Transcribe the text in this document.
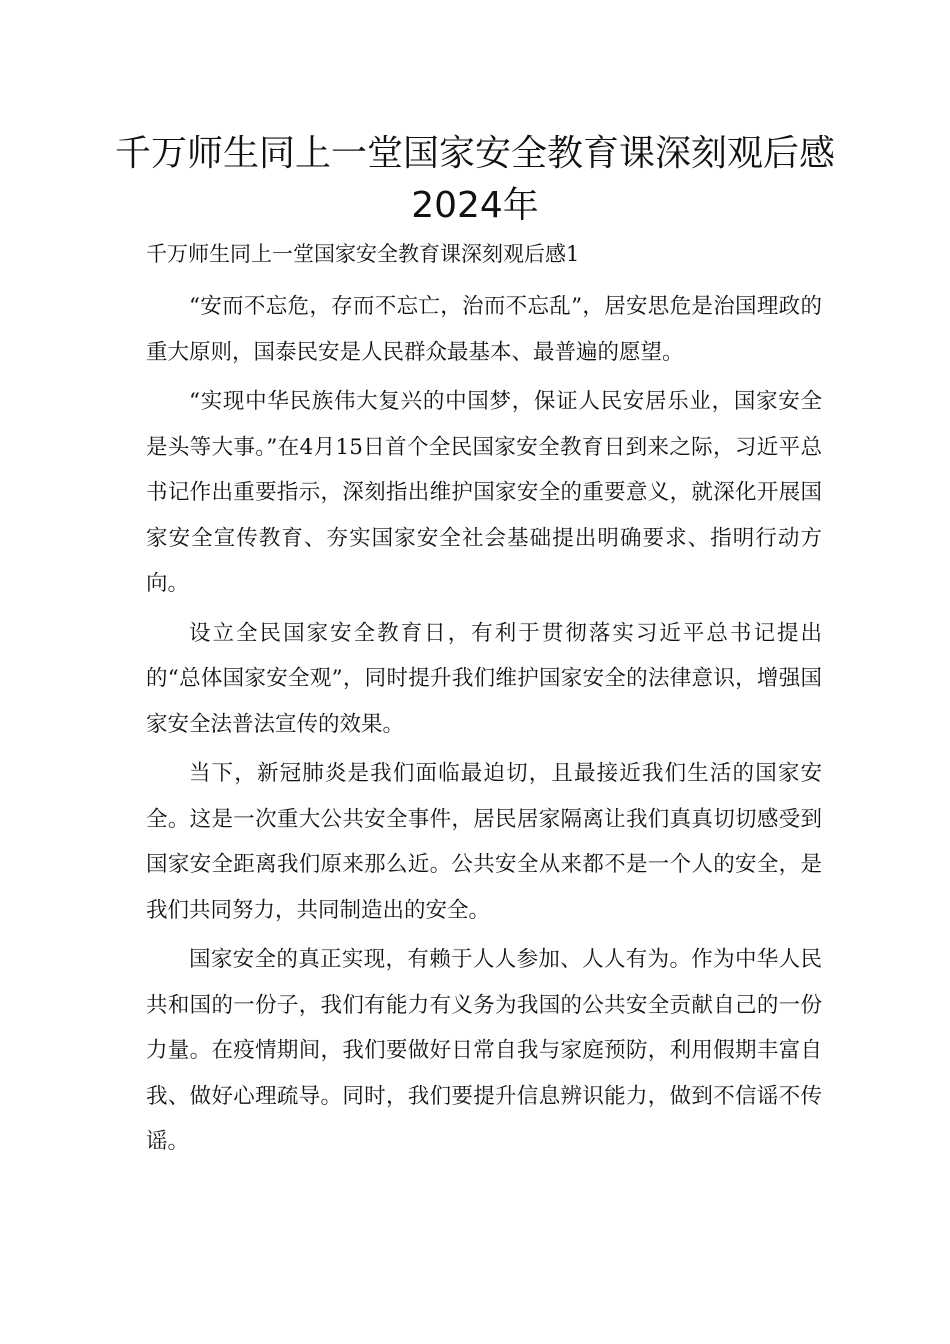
千万师生同上一堂国家安全教育课深刻观后感2024年
千万师生同上一堂国家安全教育课深刻观后感1

“安而不忘危，存而不忘亡，治而不忘乱”，居安思危是治国理政的重大原则，国泰民安是人民群众最基本、最普遍的愿望。

“实现中华民族伟大复兴的中国梦，保证人民安居乐业，国家安全是头等大事。”在4月15日首个全民国家安全教育日到来之际，习近平总书记作出重要指示，深刻指出维护国家安全的重要意义，就深化开展国家安全宣传教育、夯实国家安全社会基础提出明确要求、指明行动方向。

设立全民国家安全教育日，有利于贯彻落实习近平总书记提出的“总体国家安全观”，同时提升我们维护国家安全的法律意识，增强国家安全法普法宣传的效果。

当下，新冠肺炎是我们面临最迫切，且最接近我们生活的国家安全。这是一次重大公共安全事件，居民居家隔离让我们真真切切感受到国家安全距离我们原来那么近。公共安全从来都不是一个人的安全，是我们共同努力，共同制造出的安全。

国家安全的真正实现，有赖于人人参加、人人有为。作为中华人民共和国的一份子，我们有能力有义务为我国的公共安全贡献自己的一份力量。在疫情期间，我们要做好日常自我与家庭预防，利用假期丰富自我、做好心理疏导。同时，我们要提升信息辨识能力，做到不信谣不传谣。
